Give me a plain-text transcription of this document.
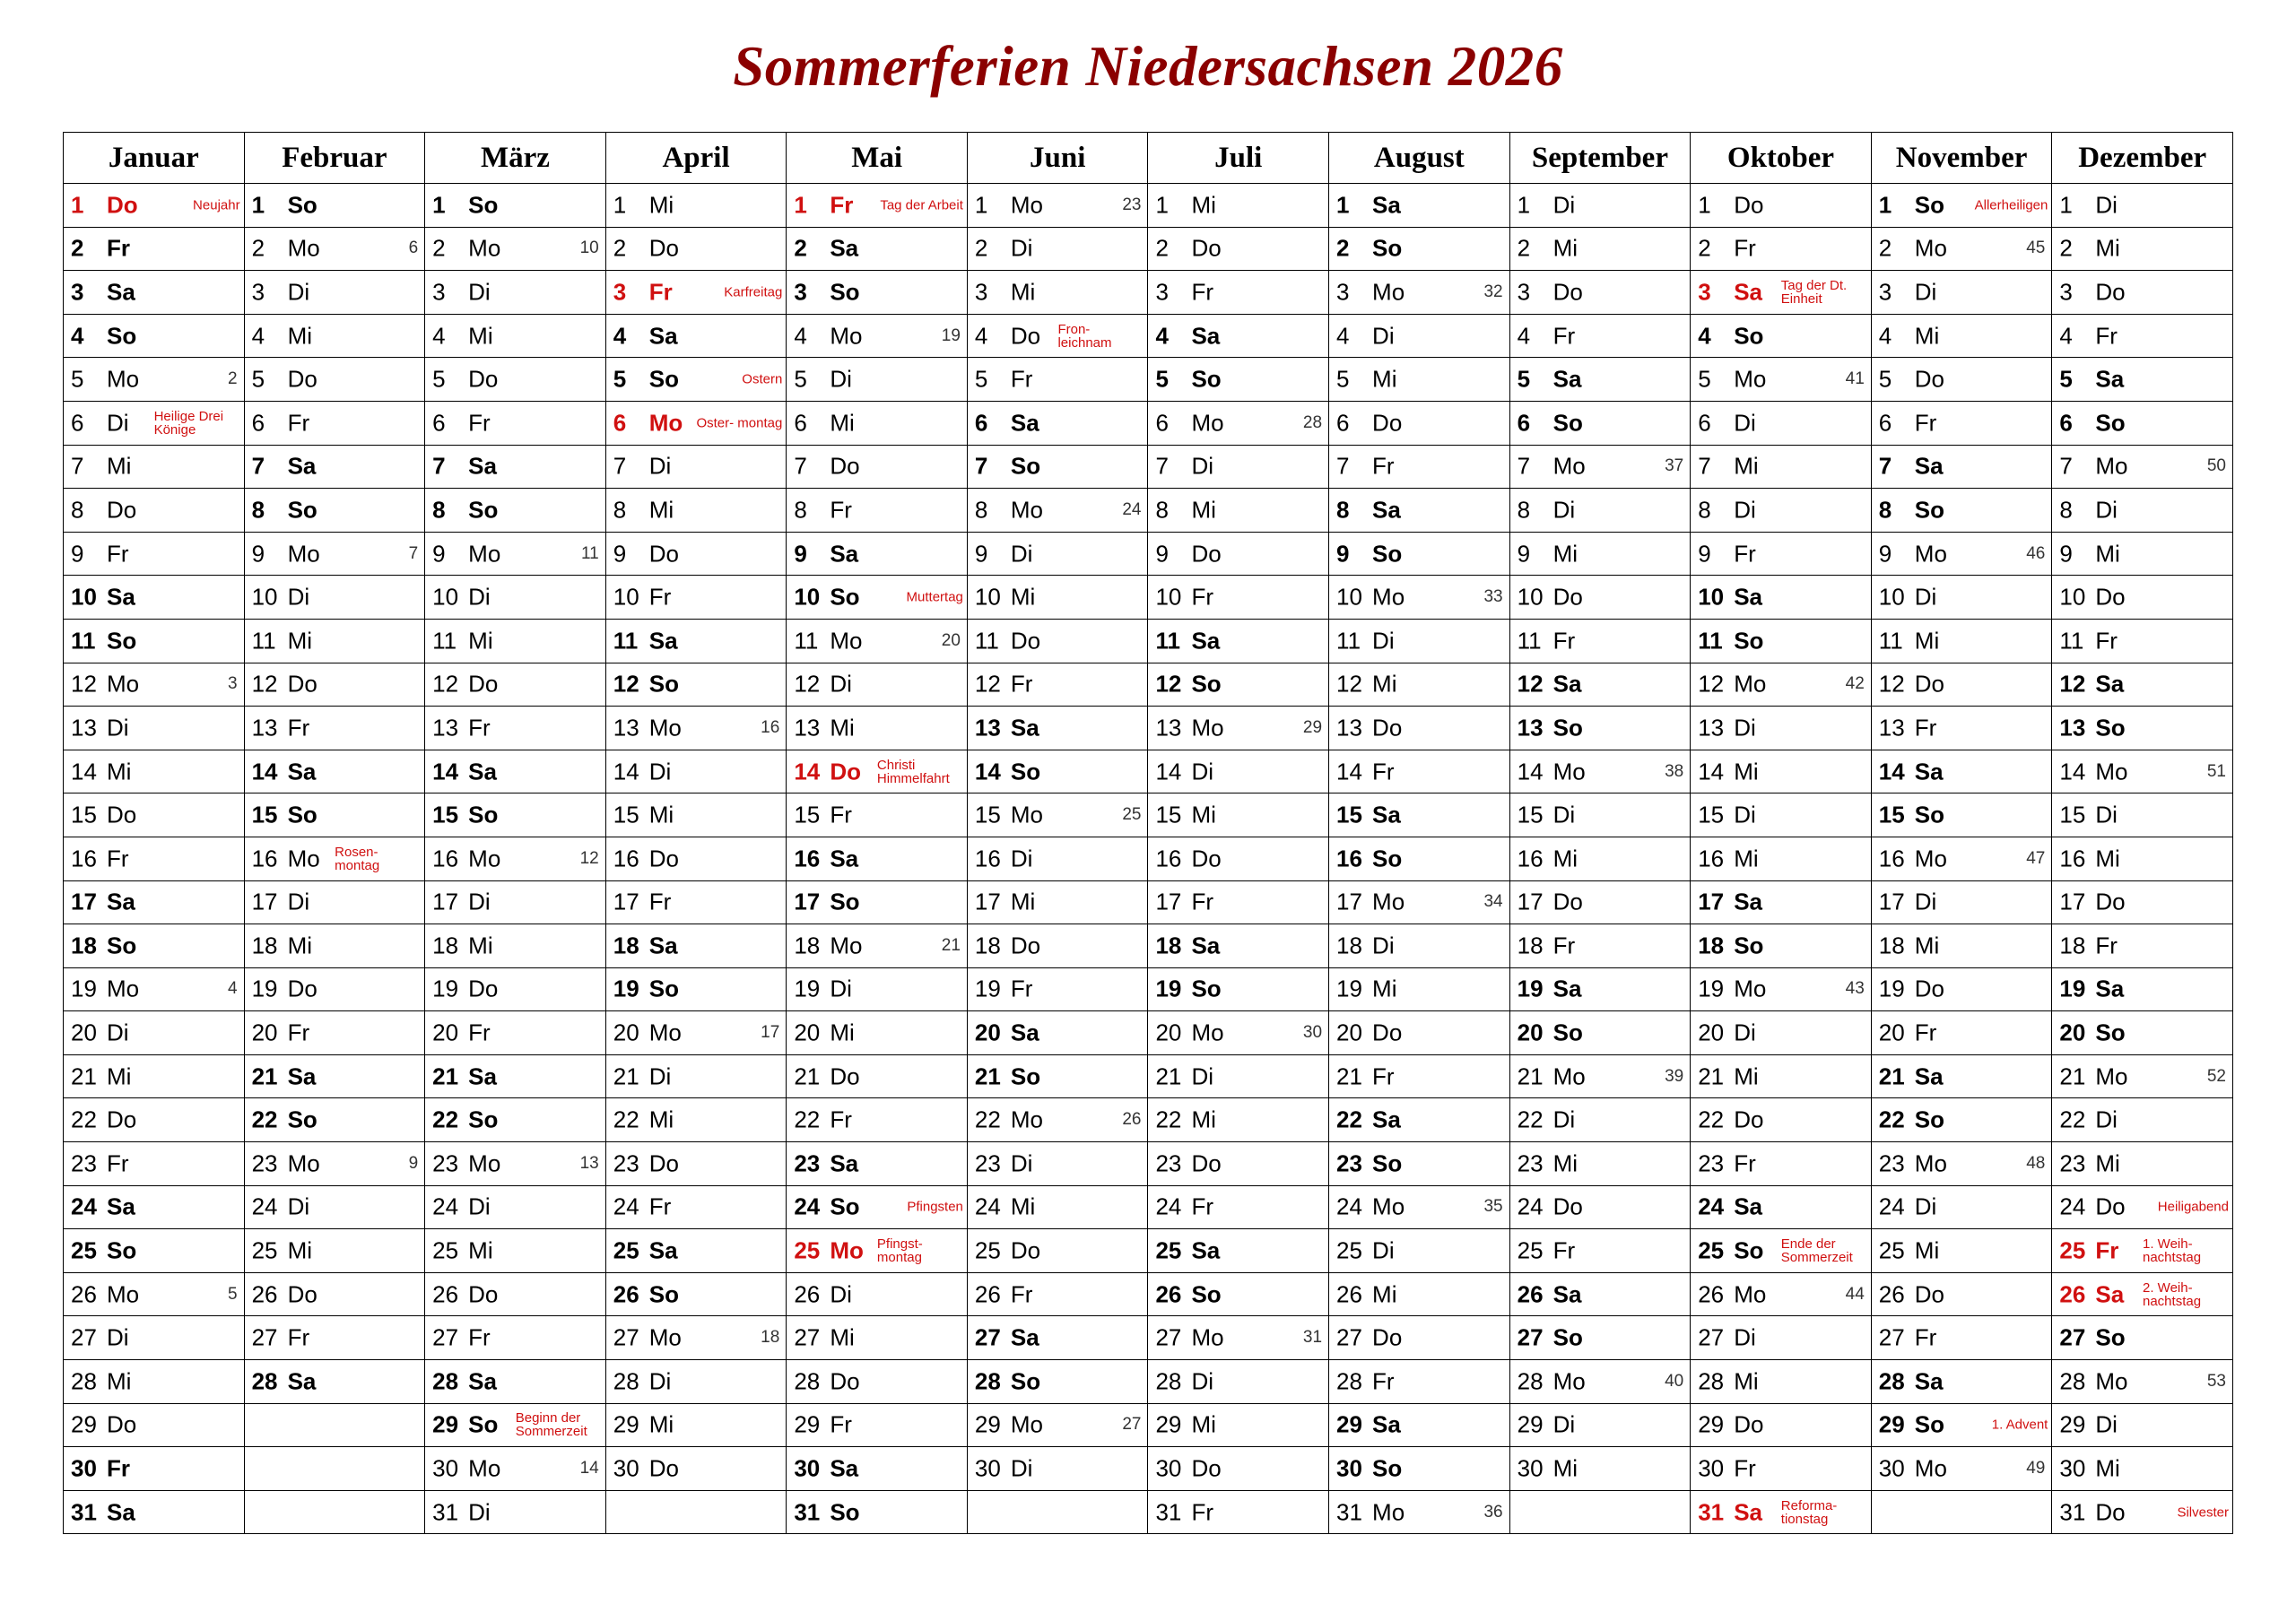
Sommerferien Niedersachsen 2026
Januar	Februar	März	April	Mai	Juni	Juli	August	September	Oktober	November	Dezember

1 Do Neujahr	1 So	1 So	1 Mi	1 Fr Tag der Arbeit	1 Mo 23	1 Mi	1 Sa	1 Di	1 Do	1 So Allerheiligen	1 Di

2 Fr	2 Mo 6	2 Mo 10	2 Do	2 Sa	2 Di	2 Do	2 So	2 Mi	2 Fr	2 Mo 45	2 Mi

3 Sa	3 Di	3 Di	3 Fr Karfreitag	3 So	3 Mi	3 Fr	3 Mo 32	3 Do	3 Sa Tag der Dt. Einheit	3 Di	3 Do

4 So	4 Mi	4 Mi	4 Sa	4 Mo 19	4 Do Fron- leichnam	4 Sa	4 Di	4 Fr	4 So	4 Mi	4 Fr

5 Mo 2	5 Do	5 Do	5 So Ostern	5 Di	5 Fr	5 So	5 Mi	5 Sa	5 Mo 41	5 Do	5 Sa

6 Di Heilige Drei Könige	6 Fr	6 Fr	6 Mo Oster- montag	6 Mi	6 Sa	6 Mo 28	6 Do	6 So	6 Di	6 Fr	6 So

7 Mi	7 Sa	7 Sa	7 Di	7 Do	7 So	7 Di	7 Fr	7 Mo 37	7 Mi	7 Sa	7 Mo 50

8 Do	8 So	8 So	8 Mi	8 Fr	8 Mo 24	8 Mi	8 Sa	8 Di	8 Di	8 So	8 Di

9 Fr	9 Mo 7	9 Mo 11	9 Do	9 Sa	9 Di	9 Do	9 So	9 Mi	9 Fr	9 Mo 46	9 Mi

10 Sa	10 Di	10 Di	10 Fr	10 So Muttertag	10 Mi	10 Fr	10 Mo 33	10 Do	10 Sa	10 Di	10 Do

11 So	11 Mi	11 Mi	11 Sa	11 Mo 20	11 Do	11 Sa	11 Di	11 Fr	11 So	11 Mi	11 Fr

12 Mo 3	12 Do	12 Do	12 So	12 Di	12 Fr	12 So	12 Mi	12 Sa	12 Mo 42	12 Do	12 Sa

13 Di	13 Fr	13 Fr	13 Mo 16	13 Mi	13 Sa	13 Mo 29	13 Do	13 So	13 Di	13 Fr	13 So

14 Mi	14 Sa	14 Sa	14 Di	14 Do Christi Himmelfahrt	14 So	14 Di	14 Fr	14 Mo 38	14 Mi	14 Sa	14 Mo 51

15 Do	15 So	15 So	15 Mi	15 Fr	15 Mo 25	15 Mi	15 Sa	15 Di	15 Di	15 So	15 Di

16 Fr	16 Mo Rosen- montag	16 Mo 12	16 Do	16 Sa	16 Di	16 Do	16 So	16 Mi	16 Mi	16 Mo 47	16 Mi

17 Sa	17 Di	17 Di	17 Fr	17 So	17 Mi	17 Fr	17 Mo 34	17 Do	17 Sa	17 Di	17 Do

18 So	18 Mi	18 Mi	18 Sa	18 Mo 21	18 Do	18 Sa	18 Di	18 Fr	18 So	18 Mi	18 Fr

19 Mo 4	19 Do	19 Do	19 So	19 Di	19 Fr	19 So	19 Mi	19 Sa	19 Mo 43	19 Do	19 Sa

20 Di	20 Fr	20 Fr	20 Mo 17	20 Mi	20 Sa	20 Mo 30	20 Do	20 So	20 Di	20 Fr	20 So

21 Mi	21 Sa	21 Sa	21 Di	21 Do	21 So	21 Di	21 Fr	21 Mo 39	21 Mi	21 Sa	21 Mo 52

22 Do	22 So	22 So	22 Mi	22 Fr	22 Mo 26	22 Mi	22 Sa	22 Di	22 Do	22 So	22 Di

23 Fr	23 Mo 9	23 Mo 13	23 Do	23 Sa	23 Di	23 Do	23 So	23 Mi	23 Fr	23 Mo 48	23 Mi

24 Sa	24 Di	24 Di	24 Fr	24 So Pfingsten	24 Mi	24 Fr	24 Mo 35	24 Do	24 Sa	24 Di	24 Do Heiligabend

25 So	25 Mi	25 Mi	25 Sa	25 Mo Pfingst- montag	25 Do	25 Sa	25 Di	25 Fr	25 So Ende der Sommerzeit	25 Mi	25 Fr 1. Weih- nachtstag

26 Mo 5	26 Do	26 Do	26 So	26 Di	26 Fr	26 So	26 Mi	26 Sa	26 Mo 44	26 Do	26 Sa 2. Weih- nachtstag

27 Di	27 Fr	27 Fr	27 Mo 18	27 Mi	27 Sa	27 Mo 31	27 Do	27 So	27 Di	27 Fr	27 So

28 Mi	28 Sa	28 Sa	28 Di	28 Do	28 So	28 Di	28 Fr	28 Mo 40	28 Mi	28 Sa	28 Mo 53

29 Do		29 So Beginn der Sommerzeit	29 Mi	29 Fr	29 Mo 27	29 Mi	29 Sa	29 Di	29 Do	29 So 1. Advent	29 Di

30 Fr		30 Mo 14	30 Do	30 Sa	30 Di	30 Do	30 So	30 Mi	30 Fr	30 Mo 49	30 Mi

31 Sa		31 Di		31 So		31 Fr	31 Mo 36		31 Sa Reforma- tionstag		31 Do Silvester
